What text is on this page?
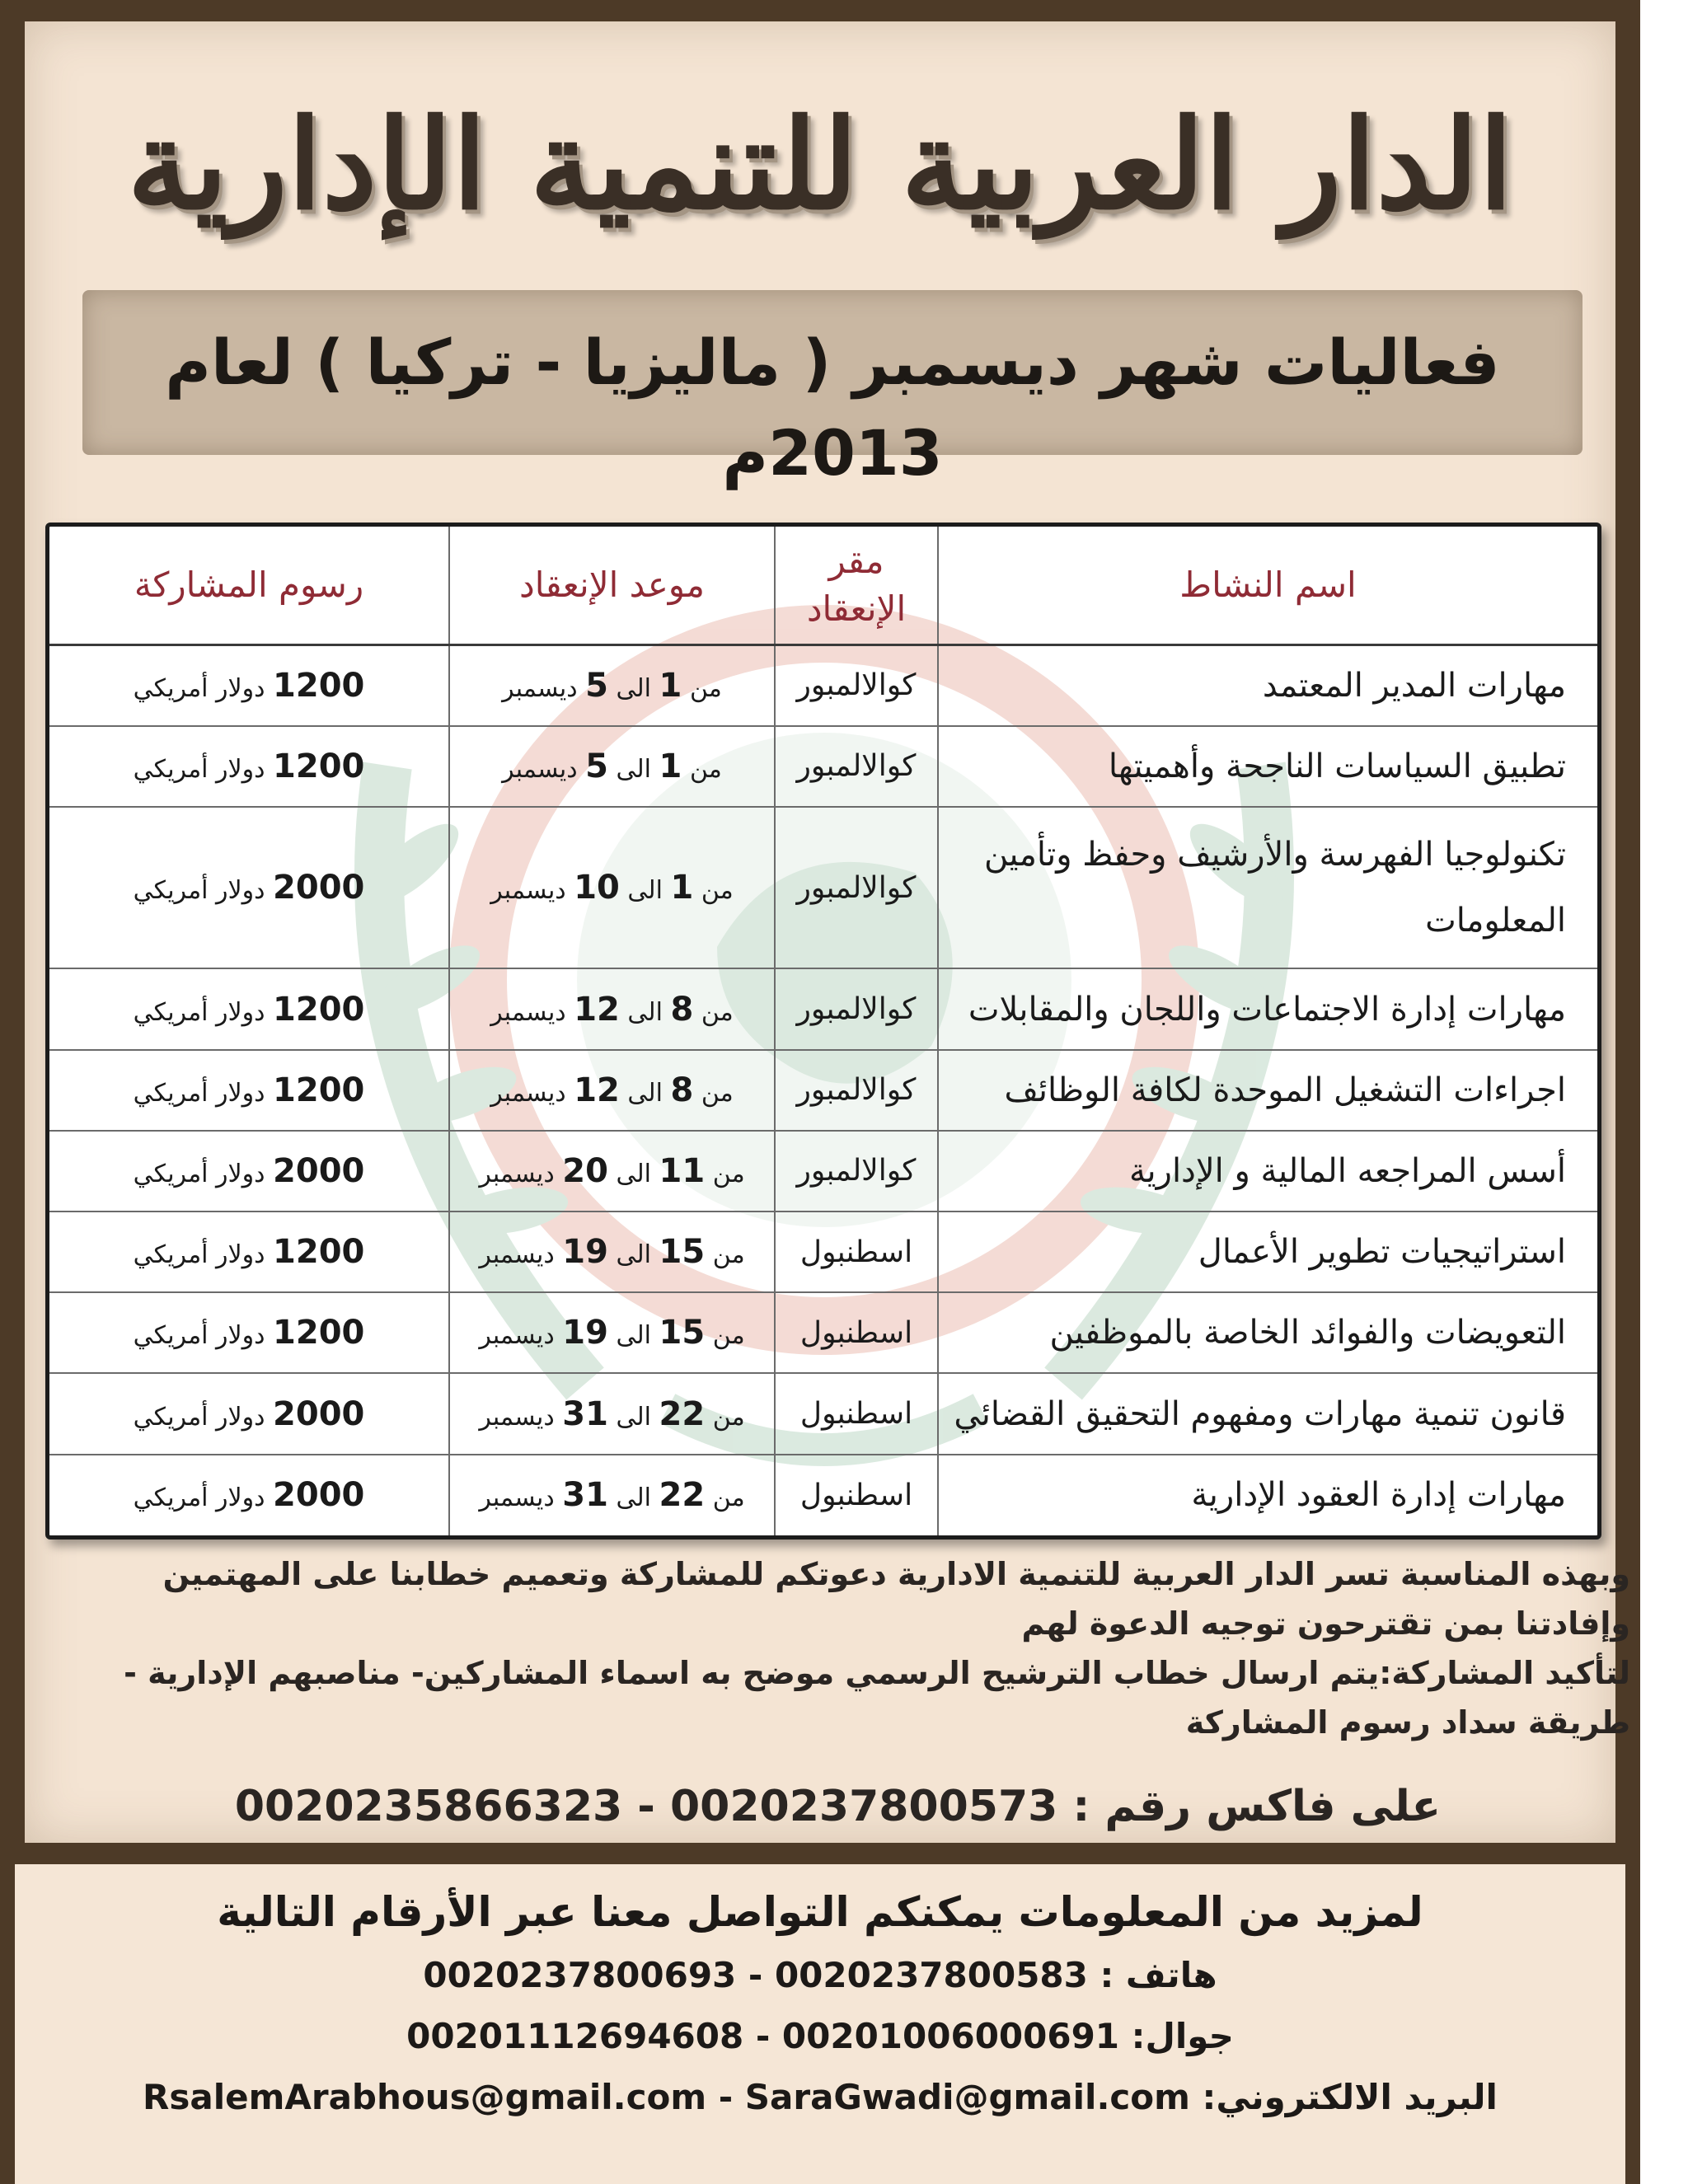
الدار العربية للتنمية الإدارية
فعاليات شهر ديسمبر ( ماليزيا - تركيا ) لعام 2013م
اسم النشاط	مقر الإنعقاد	موعد الإنعقاد	رسوم المشاركة
مهارات المدير المعتمد	كوالالمبور	من 1 الى 5 ديسمبر	1200 دولار أمريكي
تطبيق السياسات الناجحة وأهميتها	كوالالمبور	من 1 الى 5 ديسمبر	1200 دولار أمريكي
تكنولوجيا الفهرسة والأرشيف وحفظ وتأمين المعلومات	كوالالمبور	من 1 الى 10 ديسمبر	2000 دولار أمريكي
مهارات إدارة الاجتماعات واللجان والمقابلات	كوالالمبور	من 8 الى 12 ديسمبر	1200 دولار أمريكي
اجراءات التشغيل الموحدة لكافة الوظائف	كوالالمبور	من 8 الى 12 ديسمبر	1200 دولار أمريكي
أسس المراجعه المالية و الإدارية	كوالالمبور	من 11 الى 20 ديسمبر	2000 دولار أمريكي
استراتيجيات تطوير الأعمال	اسطنبول	من 15 الى 19 ديسمبر	1200 دولار أمريكي
التعويضات والفوائد الخاصة بالموظفين	اسطنبول	من 15 الى 19 ديسمبر	1200 دولار أمريكي
قانون تنمية مهارات ومفهوم التحقيق القضائي	اسطنبول	من 22 الى 31 ديسمبر	2000 دولار أمريكي
مهارات إدارة العقود الإدارية	اسطنبول	من 22 الى 31 ديسمبر	2000 دولار أمريكي

وبهذه المناسبة تسر الدار العربية للتنمية الادارية دعوتكم للمشاركة وتعميم خطابنا على المهتمين

وإفادتنا بمن تقترحون توجيه الدعوة لهم

لتأكيد المشاركة:يتم ارسال خطاب الترشيح الرسمي موضح به اسماء المشاركين- مناصبهم الإدارية -

طريقة سداد رسوم المشاركة

على فاكس رقم : 0020235866323 - 0020237800573
لمزيد من المعلومات يمكنكم التواصل معنا عبر الأرقام التالية
هاتف : 0020237800693 - 0020237800583
جوال: 00201112694608 - 00201006000691
البريد الالكتروني: RsalemArabhous@gmail.com - SaraGwadi@gmail.com
